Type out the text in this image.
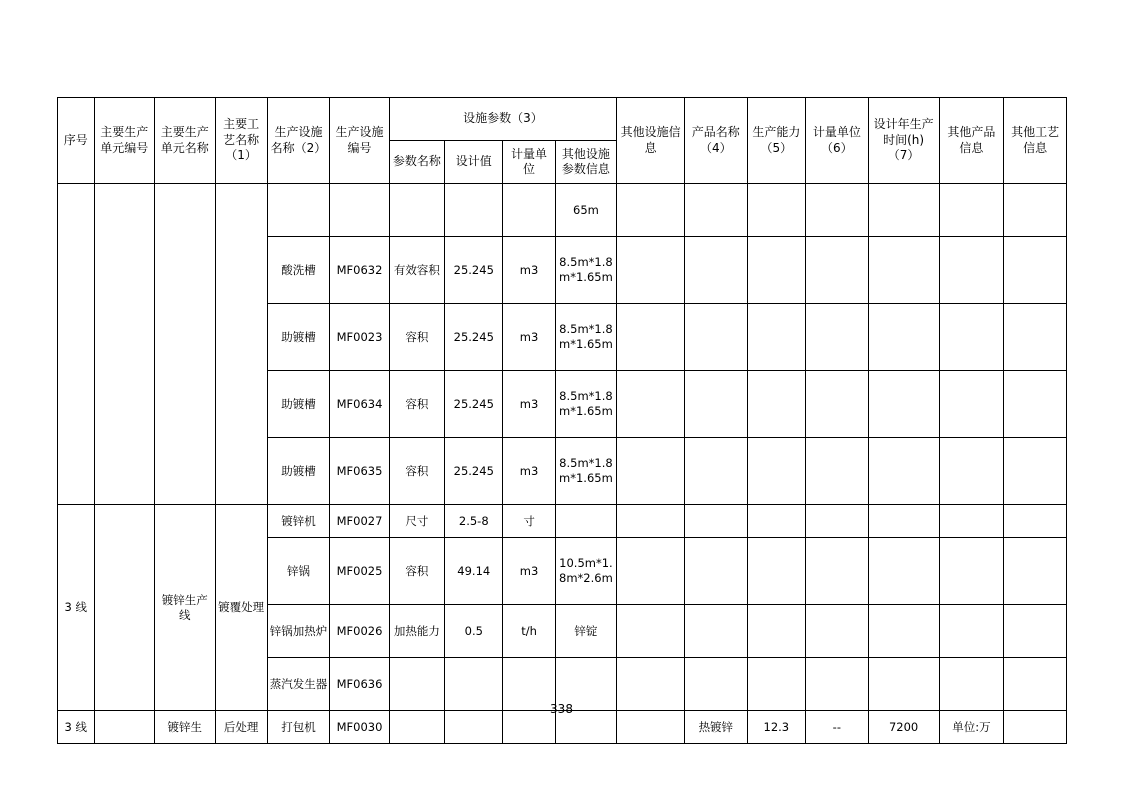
序号	主要生产单元编号	主要生产单元名称	主要工艺名称（1）	生产设施名称（2）	生产设施编号	设施参数（3）				其他设施信息	产品名称（4）	生产能力（5）	计量单位（6）	设计年生产时间(h)（7）	其他产品信息	其他工艺信息
						参数名称	设计值	计量单位	其他设施参数信息							
									65m							
				酸洗槽	MF0632	有效容积	25.245	m3	8.5m*1.8m*1.65m							
				助镀槽	MF0023	容积	25.245	m3	8.5m*1.8m*1.65m							
				助镀槽	MF0634	容积	25.245	m3	8.5m*1.8m*1.65m							
				助镀槽	MF0635	容积	25.245	m3	8.5m*1.8m*1.65m							
3 线		镀锌生产线	镀覆处理	镀锌机	MF0027	尺寸	2.5-8	寸								
				锌锅	MF0025	容积	49.14	m3	10.5m*1.8m*2.6m							
				锌锅加热炉	MF0026	加热能力	0.5	t/h	锌锭							
				蒸汽发生器	MF0636											
3 线		镀锌生	后处理	打包机	MF0030						热镀锌	12.3	--	7200	单位:万	
338
